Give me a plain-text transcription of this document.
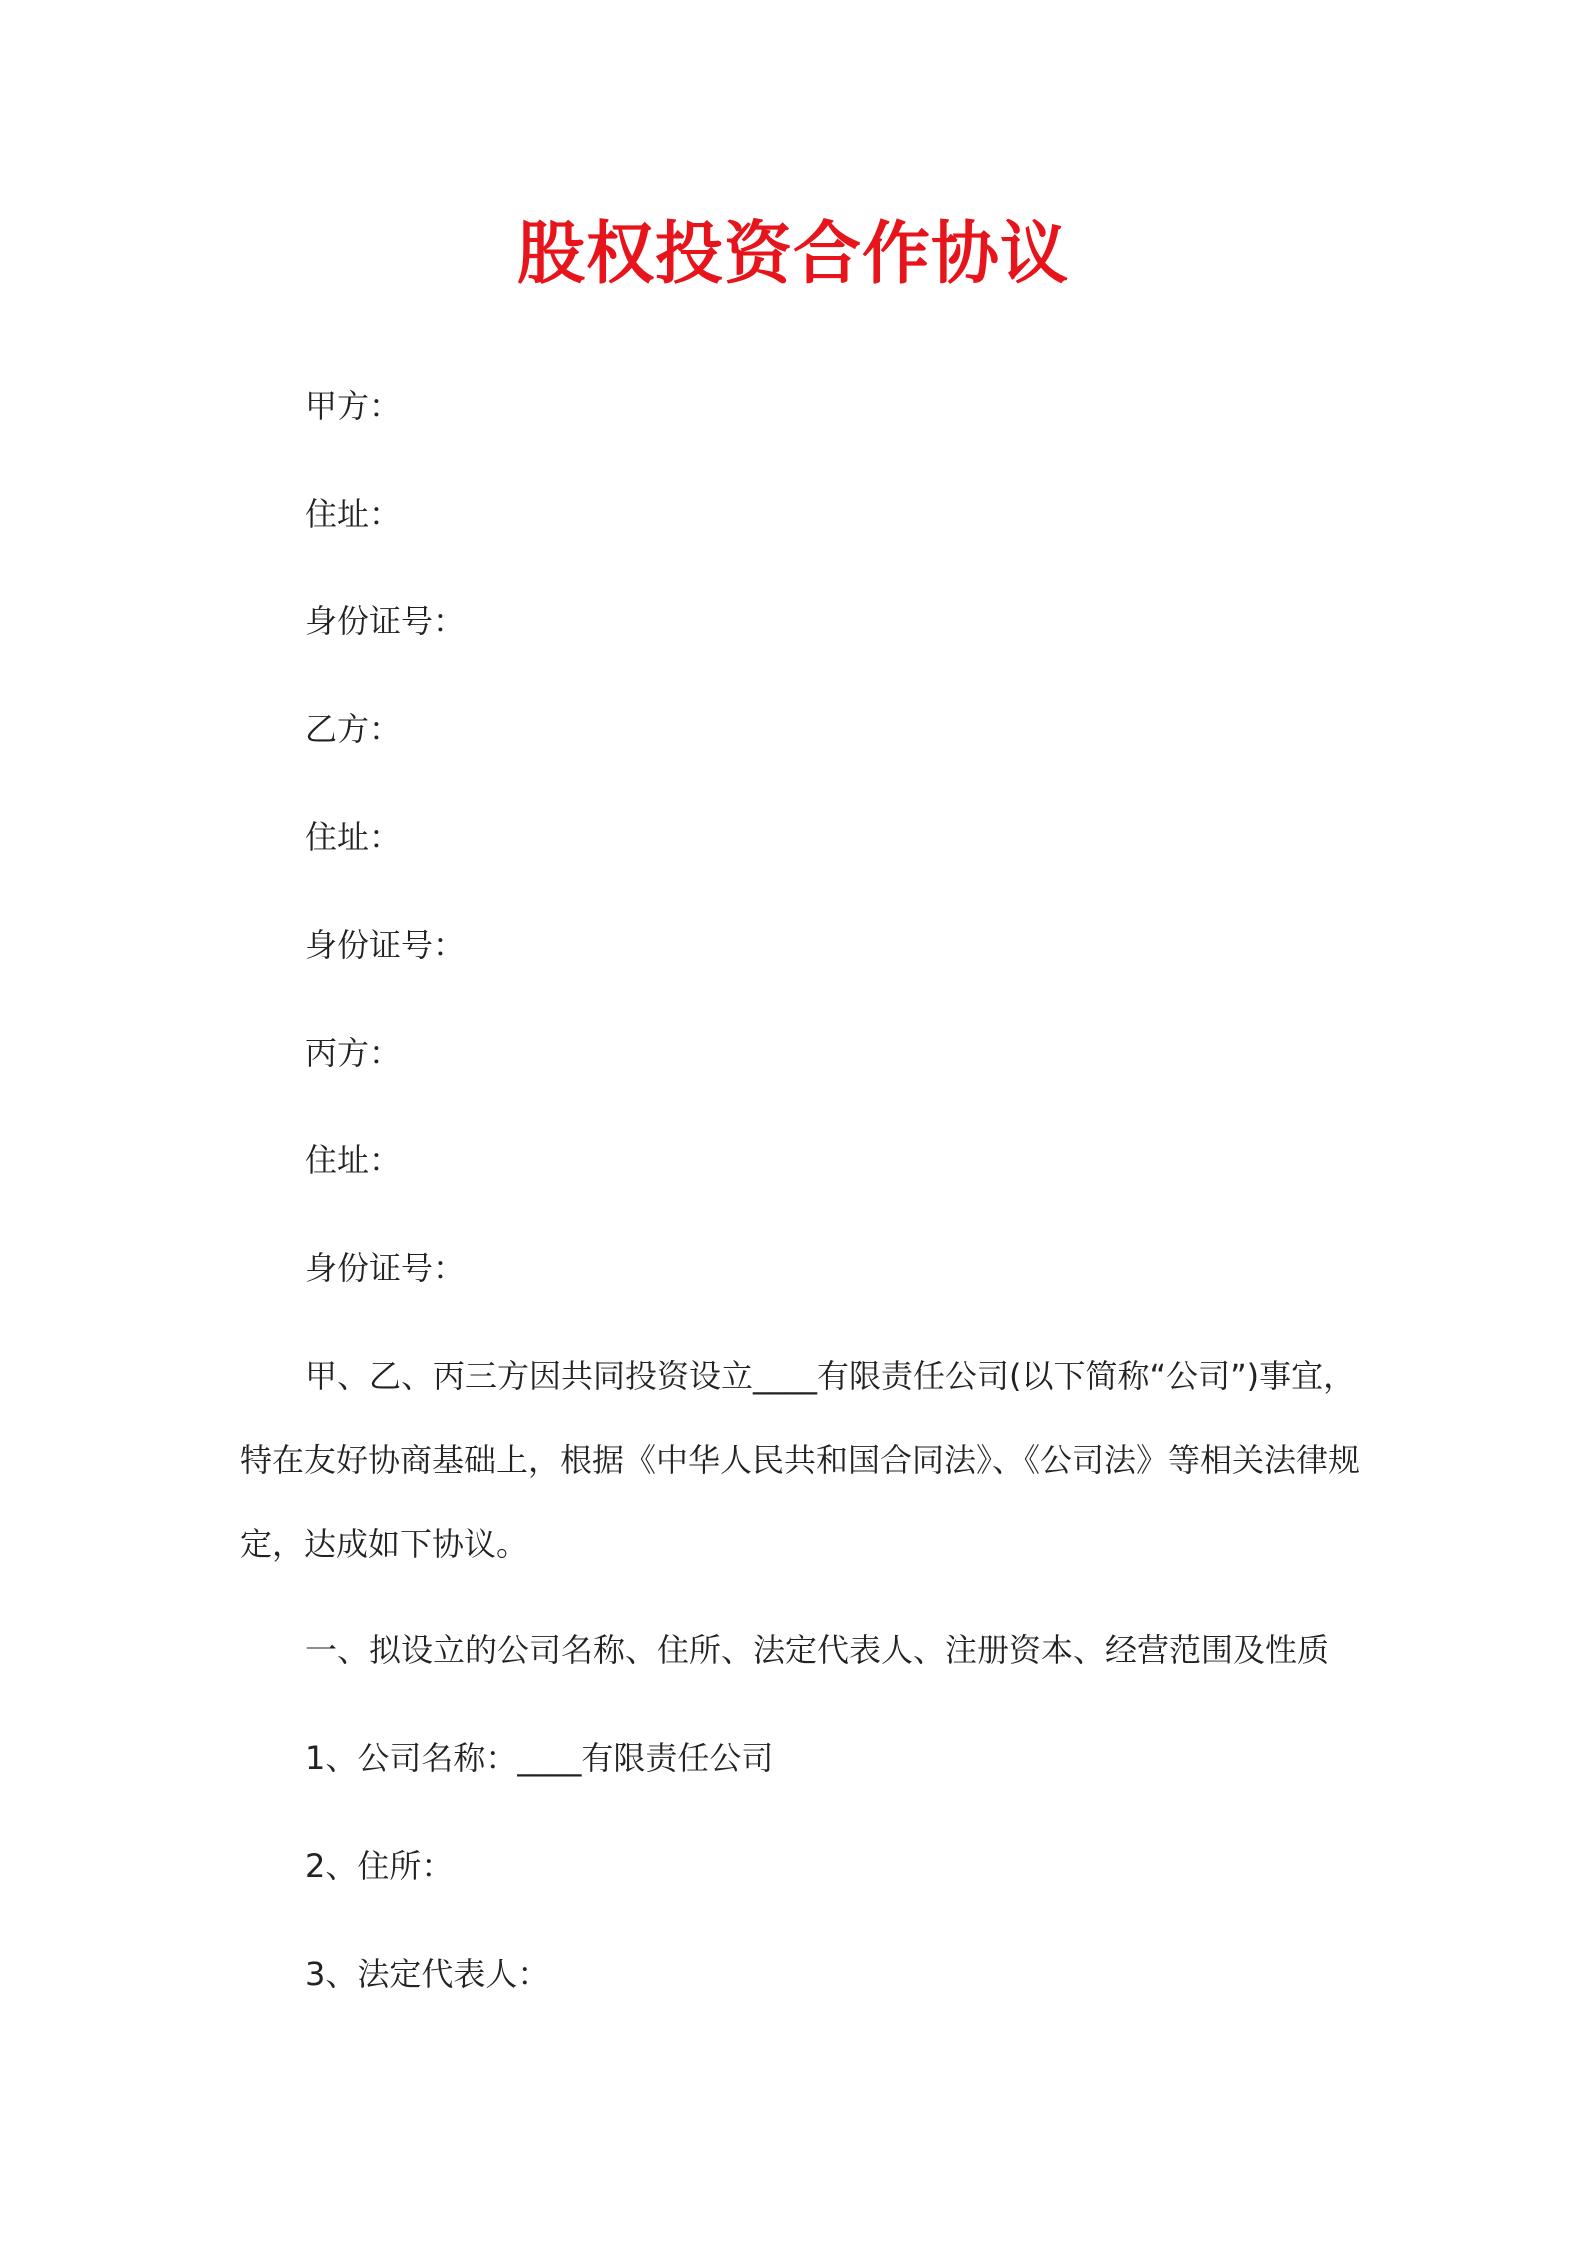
股权投资合作协议

甲方：

住址：

身份证号：

乙方：

住址：

身份证号：

丙方：

住址：

身份证号：

甲、乙、丙三方因共同投资设立____有限责任公司(以下简称“公司”)事宜，特在友好协商基础上，根据《中华人民共和国合同法》、《公司法》等相关法律规定，达成如下协议。

一、拟设立的公司名称、住所、法定代表人、注册资本、经营范围及性质

1、公司名称：____有限责任公司

2、住所：

3、法定代表人：
